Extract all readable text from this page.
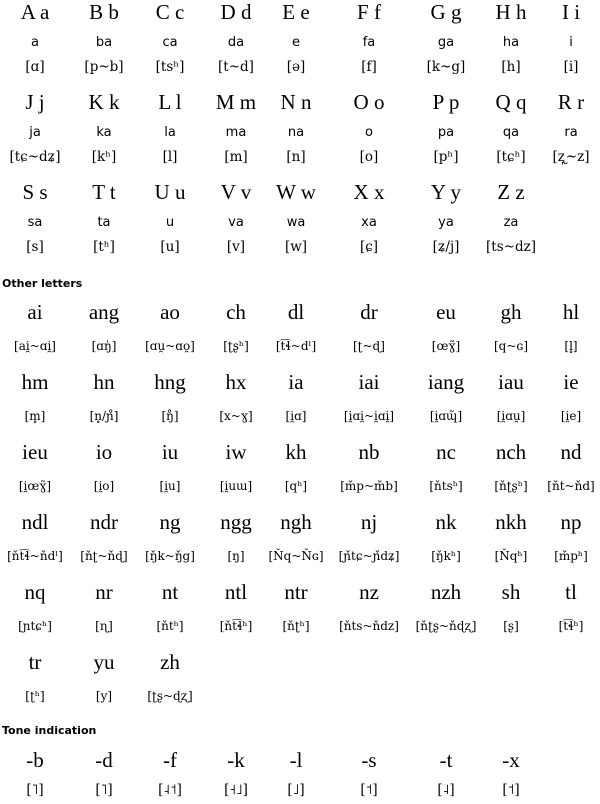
A a	B b	C c	D d	E e	F f	G g	H h	I i
a	ba	ca	da	e	fa	ga	ha	i
[ɑ]	[p~b]	[tsʰ]	[t~d]	[ə]	[f]	[k~g]	[h]	[i]
J j	K k	L l	M m	N n	O o	P p	Q q	R r
ja	ka	la	ma	na	o	pa	qa	ra
[tɕ~dʑ]	[kʰ]	[l]	[m]	[n]	[o]	[pʰ]	[tɕʰ]	[ʐ̩~z]
S s	T t	U u	V v	W w	X x	Y y	Z z
sa	ta	u	va	wa	xa	ya	za
[s]	[tʰ]	[u]	[v]	[w]	[ɕ]	[ʑ/j]	[ts~dz]
Other letters
ai	ang	ao	ch	dl	dr	eu	gh	hl
[ai̯~ɑi̯]	[ɑŋ̍]	[ɑu̯~ɑo̯]	[ʈʂʰ]	[t͡ɬ~dˡ]	[ʈ~ɖ]	[œɣ̃]	[q~ɢ]	[l̥]
hm	hn	hng	hx	ia	iai	iang	iau	ie
[m̥]	[n̥/ɲ̊]	[ŋ̊]	[x~ɣ]	[i̯ɑ]	[i̯ɑi̯~i̯ɑi̯]	[i̯ɑɰ̃]	[i̯ɑu̯]	[i̯e]
ieu	io	iu	iw	kh	nb	nc	nch	nd
[i̯œɣ̃]	[i̯o]	[i̯u]	[i̯uɯ]	[qʰ]	[m̌p~m̌b]	[ňtsʰ]	[ňʈʂʰ]	[ňt~ňd]
ndl	ndr	ng	ngg	ngh	nj	nk	nkh	np
[ňt͡ɬ~ňdˡ]	[ňʈ~ňɖ]	[ŋ̌k~ŋ̌g]	[ŋ]	[Ňq~Ňɢ]	[ɲ̌tɕ~ɲ̌dʑ]	[ŋ̌kʰ]	[Ňqʰ]	[m̌pʰ]
nq	nr	nt	ntl	ntr	nz	nzh	sh	tl
[ɲtɕʰ]	[ɳ]	[ňtʰ]	[ňt͡ɬʰ]	[ňʈʰ]	[ňts~ňdz]	[ňʈʂ~ňɖʐ]	[ʂ]	[t͡ɬʰ]
tr	yu	zh
[ʈʰ]	[y]	[ʈʂ~ɖʐ]
Tone indication
-b	-d	-f	-k	-l	-s	-t	-x
[˥]	[˥]	[˨˦]	[˧˩]	[˩]	[˦]	[˨]	[˦]
